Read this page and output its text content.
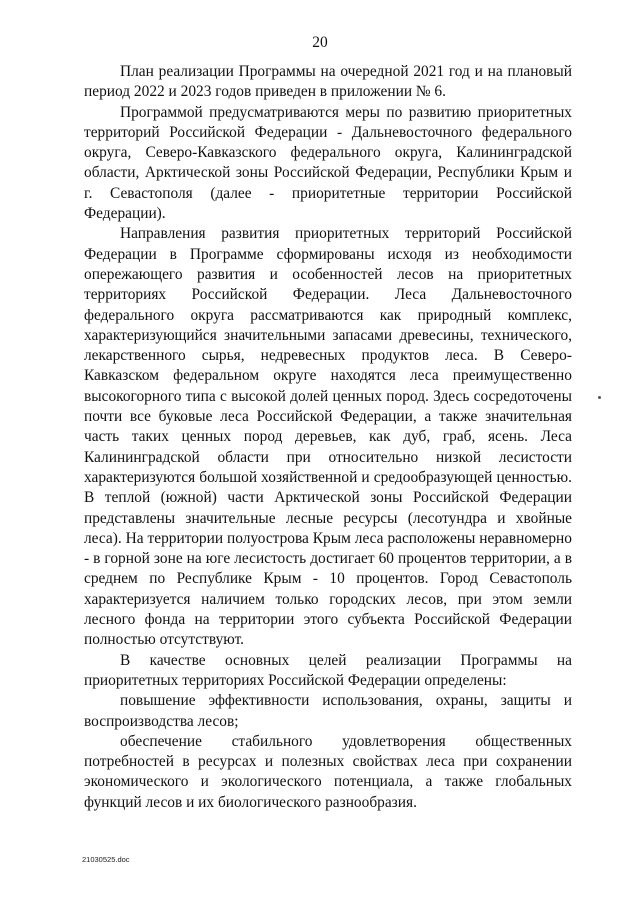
20

План реализации Программы на очередной 2021 год и на плановый период 2022 и 2023 годов приведен в приложении № 6.

Программой предусматриваются меры по развитию приоритетных территорий Российской Федерации - Дальневосточного федерального округа, Северо-Кавказского федерального округа, Калининградской области, Арктической зоны Российской Федерации, Республики Крым и г. Севастополя (далее - приоритетные территории Российской Федерации).

Направления развития приоритетных территорий Российской Федерации в Программе сформированы исходя из необходимости опережающего развития и особенностей лесов на приоритетных территориях Российской Федерации. Леса Дальневосточного федерального округа рассматриваются как природный комплекс, характеризующийся значительными запасами древесины, технического, лекарственного сырья, недревесных продуктов леса. В Северо-Кавказском федеральном округе находятся леса преимущественно высокогорного типа с высокой долей ценных пород. Здесь сосредоточены почти все буковые леса Российской Федерации, а также значительная часть таких ценных пород деревьев, как дуб, граб, ясень. Леса Калининградской области при относительно низкой лесистости характеризуются большой хозяйственной и средообразующей ценностью. В теплой (южной) части Арктической зоны Российской Федерации представлены значительные лесные ресурсы (лесотундра и хвойные леса). На территории полуострова Крым леса расположены неравномерно - в горной зоне на юге лесистость достигает 60 процентов территории, а в среднем по Республике Крым - 10 процентов. Город Севастополь характеризуется наличием только городских лесов, при этом земли лесного фонда на территории этого субъекта Российской Федерации полностью отсутствуют.

В качестве основных целей реализации Программы на приоритетных территориях Российской Федерации определены:

повышение эффективности использования, охраны, защиты и воспроизводства лесов;

обеспечение стабильного удовлетворения общественных потребностей в ресурсах и полезных свойствах леса при сохранении экономического и экологического потенциала, а также глобальных функций лесов и их биологического разнообразия.

21030525.doc
